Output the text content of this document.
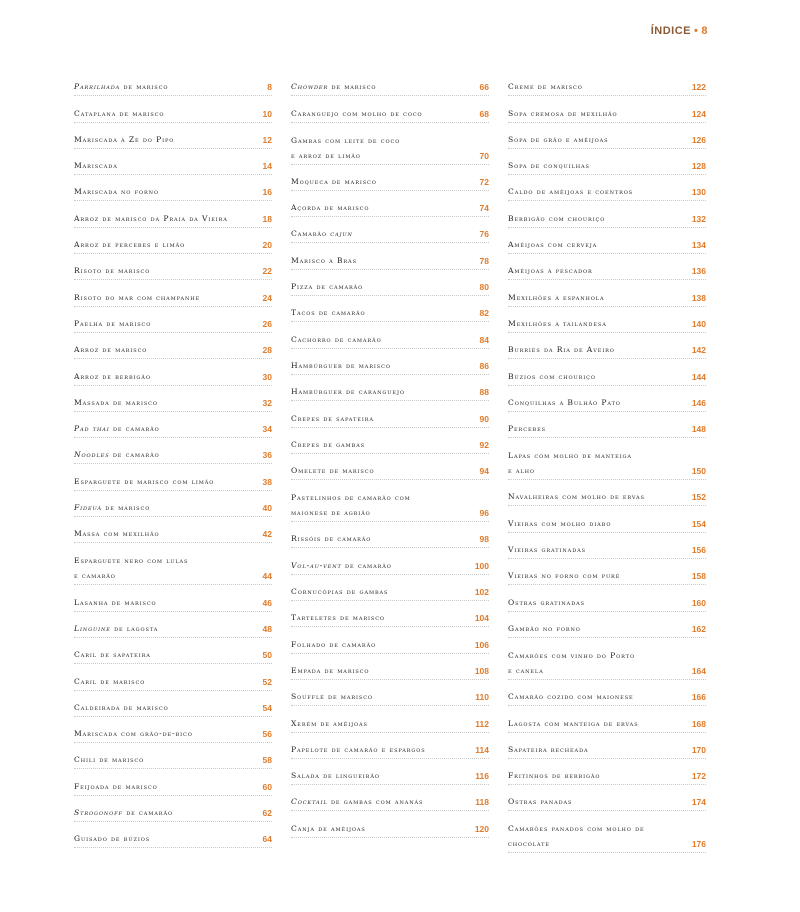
ÍNDICE • 8
Parrilhada de marisco	8
Cataplana de marisco	10
Mariscada à Zé do Pipo	12
Mariscada	14
Mariscada no forno	16
Arroz de marisco da Praia da Vieira	18
Arroz de percebes e limão	20
Risoto de marisco	22
Risoto do mar com champanhe	24
Paelha de marisco	26
Arroz de marisco	28
Arroz de berbigão	30
Massada de marisco	32
Pad thai de camarão	34
Noodles de camarão	36
Esparguete de marisco com limão	38
Fideuà de marisco	40
Massa com mexilhão	42
Esparguete nero com lulas
e camarão	44
Lasanha de marisco	46
Linguine de lagosta	48
Caril de sapateira	50
Caril de marisco	52
Caldeirada de marisco	54
Mariscada com grão-de-bico	56
Chili de marisco	58
Feijoada de marisco	60
Strogonoff de camarão	62
Guisado de búzios	64
Chowder de marisco	66
Caranguejo com molho de coco	68
Gambas com leite de coco
e arroz de limão	70
Moqueca de marisco	72
Açorda de marisco	74
Camarão cajun	76
Marisco à Brás	78
Pizza de camarão	80
Tacos de camarão	82
Cachorro de camarão	84
Hambúrguer de marisco	86
Hambúrguer de caranguejo	88
Crepes de sapateira	90
Crepes de gambas	92
Omelete de marisco	94
Pastelinhos de camarão com
maionese de agrião	96
Rissóis de camarão	98
Vol-au-vent de camarão	100
Cornucópias de gambas	102
Tarteletes de marisco	104
Folhado de camarão	106
Empada de marisco	108
Soufflé de marisco	110
Xerém de amêijoas	112
Papelote de camarão e espargos	114
Salada de lingueirão	116
Cocktail de gambas com ananás	118
Canja de amêijoas	120
Creme de marisco	122
Sopa cremosa de mexilhão	124
Sopa de grão e amêijoas	126
Sopa de conquilhas	128
Caldo de amêijoas e coentros	130
Berbigão com chouriço	132
Amêijoas com cerveja	134
Amêijoas à pescador	136
Mexilhões à espanhola	138
Mexilhões à tailandesa	140
Burriés da Ria de Aveiro	142
Búzios com chouriço	144
Conquilhas à Bulhão Pato	146
Percebes	148
Lapas com molho de manteiga
e alho	150
Navalheiras com molho de ervas	152
Vieiras com molho diabo	154
Vieiras gratinadas	156
Vieiras no forno com puré	158
Ostras gratinadas	160
Gambão no forno	162
Camarões com vinho do Porto
e canela	164
Camarão cozido com maionese	166
Lagosta com manteiga de ervas	168
Sapateira recheada	170
Fritinhos de berbigão	172
Ostras panadas	174
Camarões panados com molho de
chocolate	176
